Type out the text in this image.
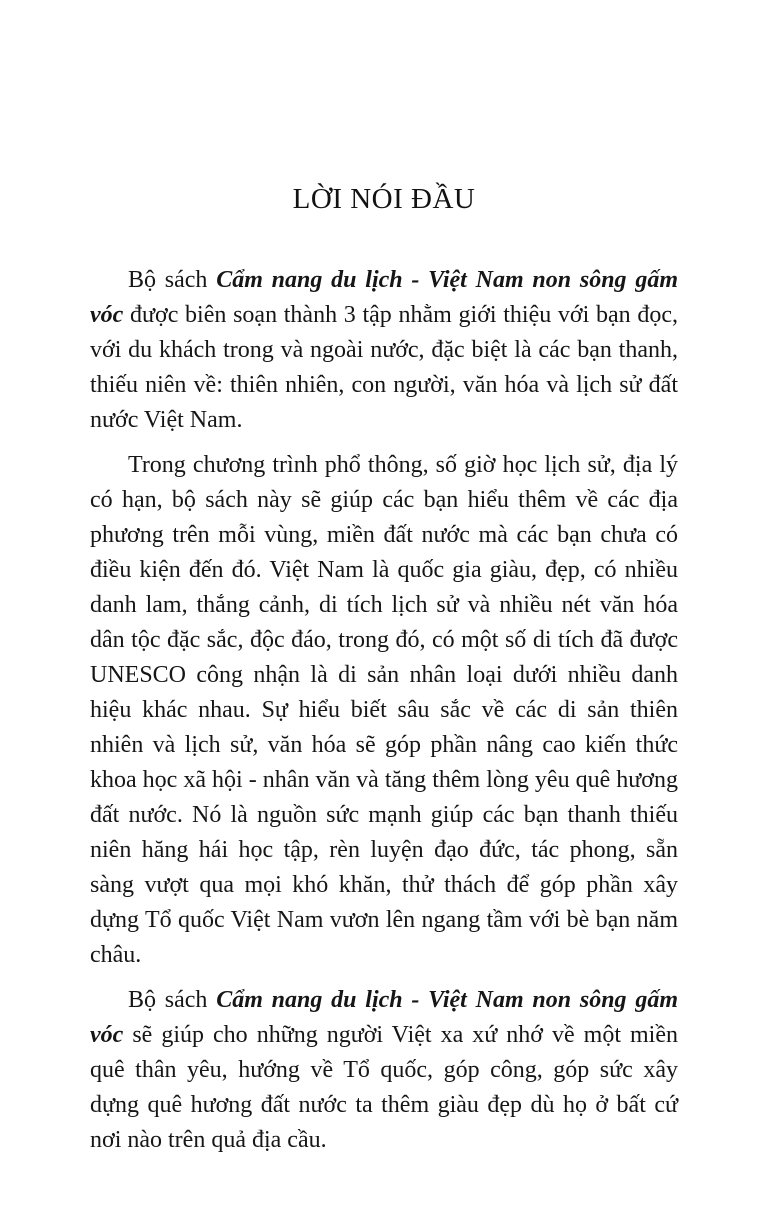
LỜI NÓI ĐẦU

Bộ sách Cẩm nang du lịch - Việt Nam non sông gấm vóc được biên soạn thành 3 tập nhằm giới thiệu với bạn đọc, với du khách trong và ngoài nước, đặc biệt là các bạn thanh, thiếu niên về: thiên nhiên, con người, văn hóa và lịch sử đất nước Việt Nam.

Trong chương trình phổ thông, số giờ học lịch sử, địa lý có hạn, bộ sách này sẽ giúp các bạn hiểu thêm về các địa phương trên mỗi vùng, miền đất nước mà các bạn chưa có điều kiện đến đó. Việt Nam là quốc gia giàu, đẹp, có nhiều danh lam, thắng cảnh, di tích lịch sử và nhiều nét văn hóa dân tộc đặc sắc, độc đáo, trong đó, có một số di tích đã được UNESCO công nhận là di sản nhân loại dưới nhiều danh hiệu khác nhau. Sự hiểu biết sâu sắc về các di sản thiên nhiên và lịch sử, văn hóa sẽ góp phần nâng cao kiến thức khoa học xã hội - nhân văn và tăng thêm lòng yêu quê hương đất nước. Nó là nguồn sức mạnh giúp các bạn thanh thiếu niên hăng hái học tập, rèn luyện đạo đức, tác phong, sẵn sàng vượt qua mọi khó khăn, thử thách để góp phần xây dựng Tổ quốc Việt Nam vươn lên ngang tầm với bè bạn năm châu.

Bộ sách Cẩm nang du lịch - Việt Nam non sông gấm vóc sẽ giúp cho những người Việt xa xứ nhớ về một miền quê thân yêu, hướng về Tổ quốc, góp công, góp sức xây dựng quê hương đất nước ta thêm giàu đẹp dù họ ở bất cứ nơi nào trên quả địa cầu.
